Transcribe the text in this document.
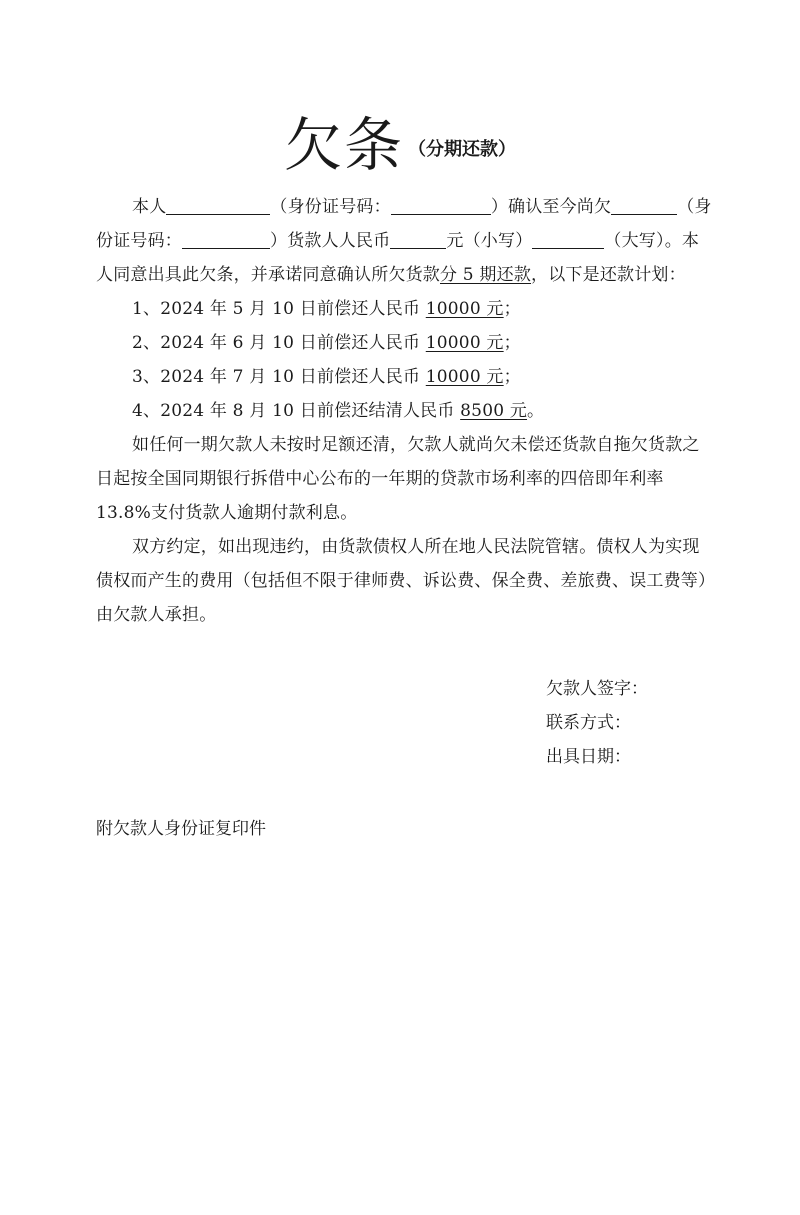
欠条 （分期还款）
本人	（身份证号码：	）确认至今尚欠	（身
份证号码：	）货款人人民币	元（小写）	（大写）。本
人同意出具此欠条，并承诺同意确认所欠货款分 5 期还款，以下是还款计划：
1、2024 年 5 月 10 日前偿还人民币 10000 元；
2、2024 年 6 月 10 日前偿还人民币 10000 元；
3、2024 年 7 月 10 日前偿还人民币 10000 元；
4、2024 年 8 月 10 日前偿还结清人民币 8500 元。
如任何一期欠款人未按时足额还清，欠款人就尚欠未偿还货款自拖欠货款之
日起按全国同期银行拆借中心公布的一年期的贷款市场利率的四倍即年利率
13.8%支付货款人逾期付款利息。
双方约定，如出现违约，由货款债权人所在地人民法院管辖。债权人为实现
债权而产生的费用（包括但不限于律师费、诉讼费、保全费、差旅费、误工费等）
由欠款人承担。
欠款人签字：
联系方式：
出具日期：
附欠款人身份证复印件
